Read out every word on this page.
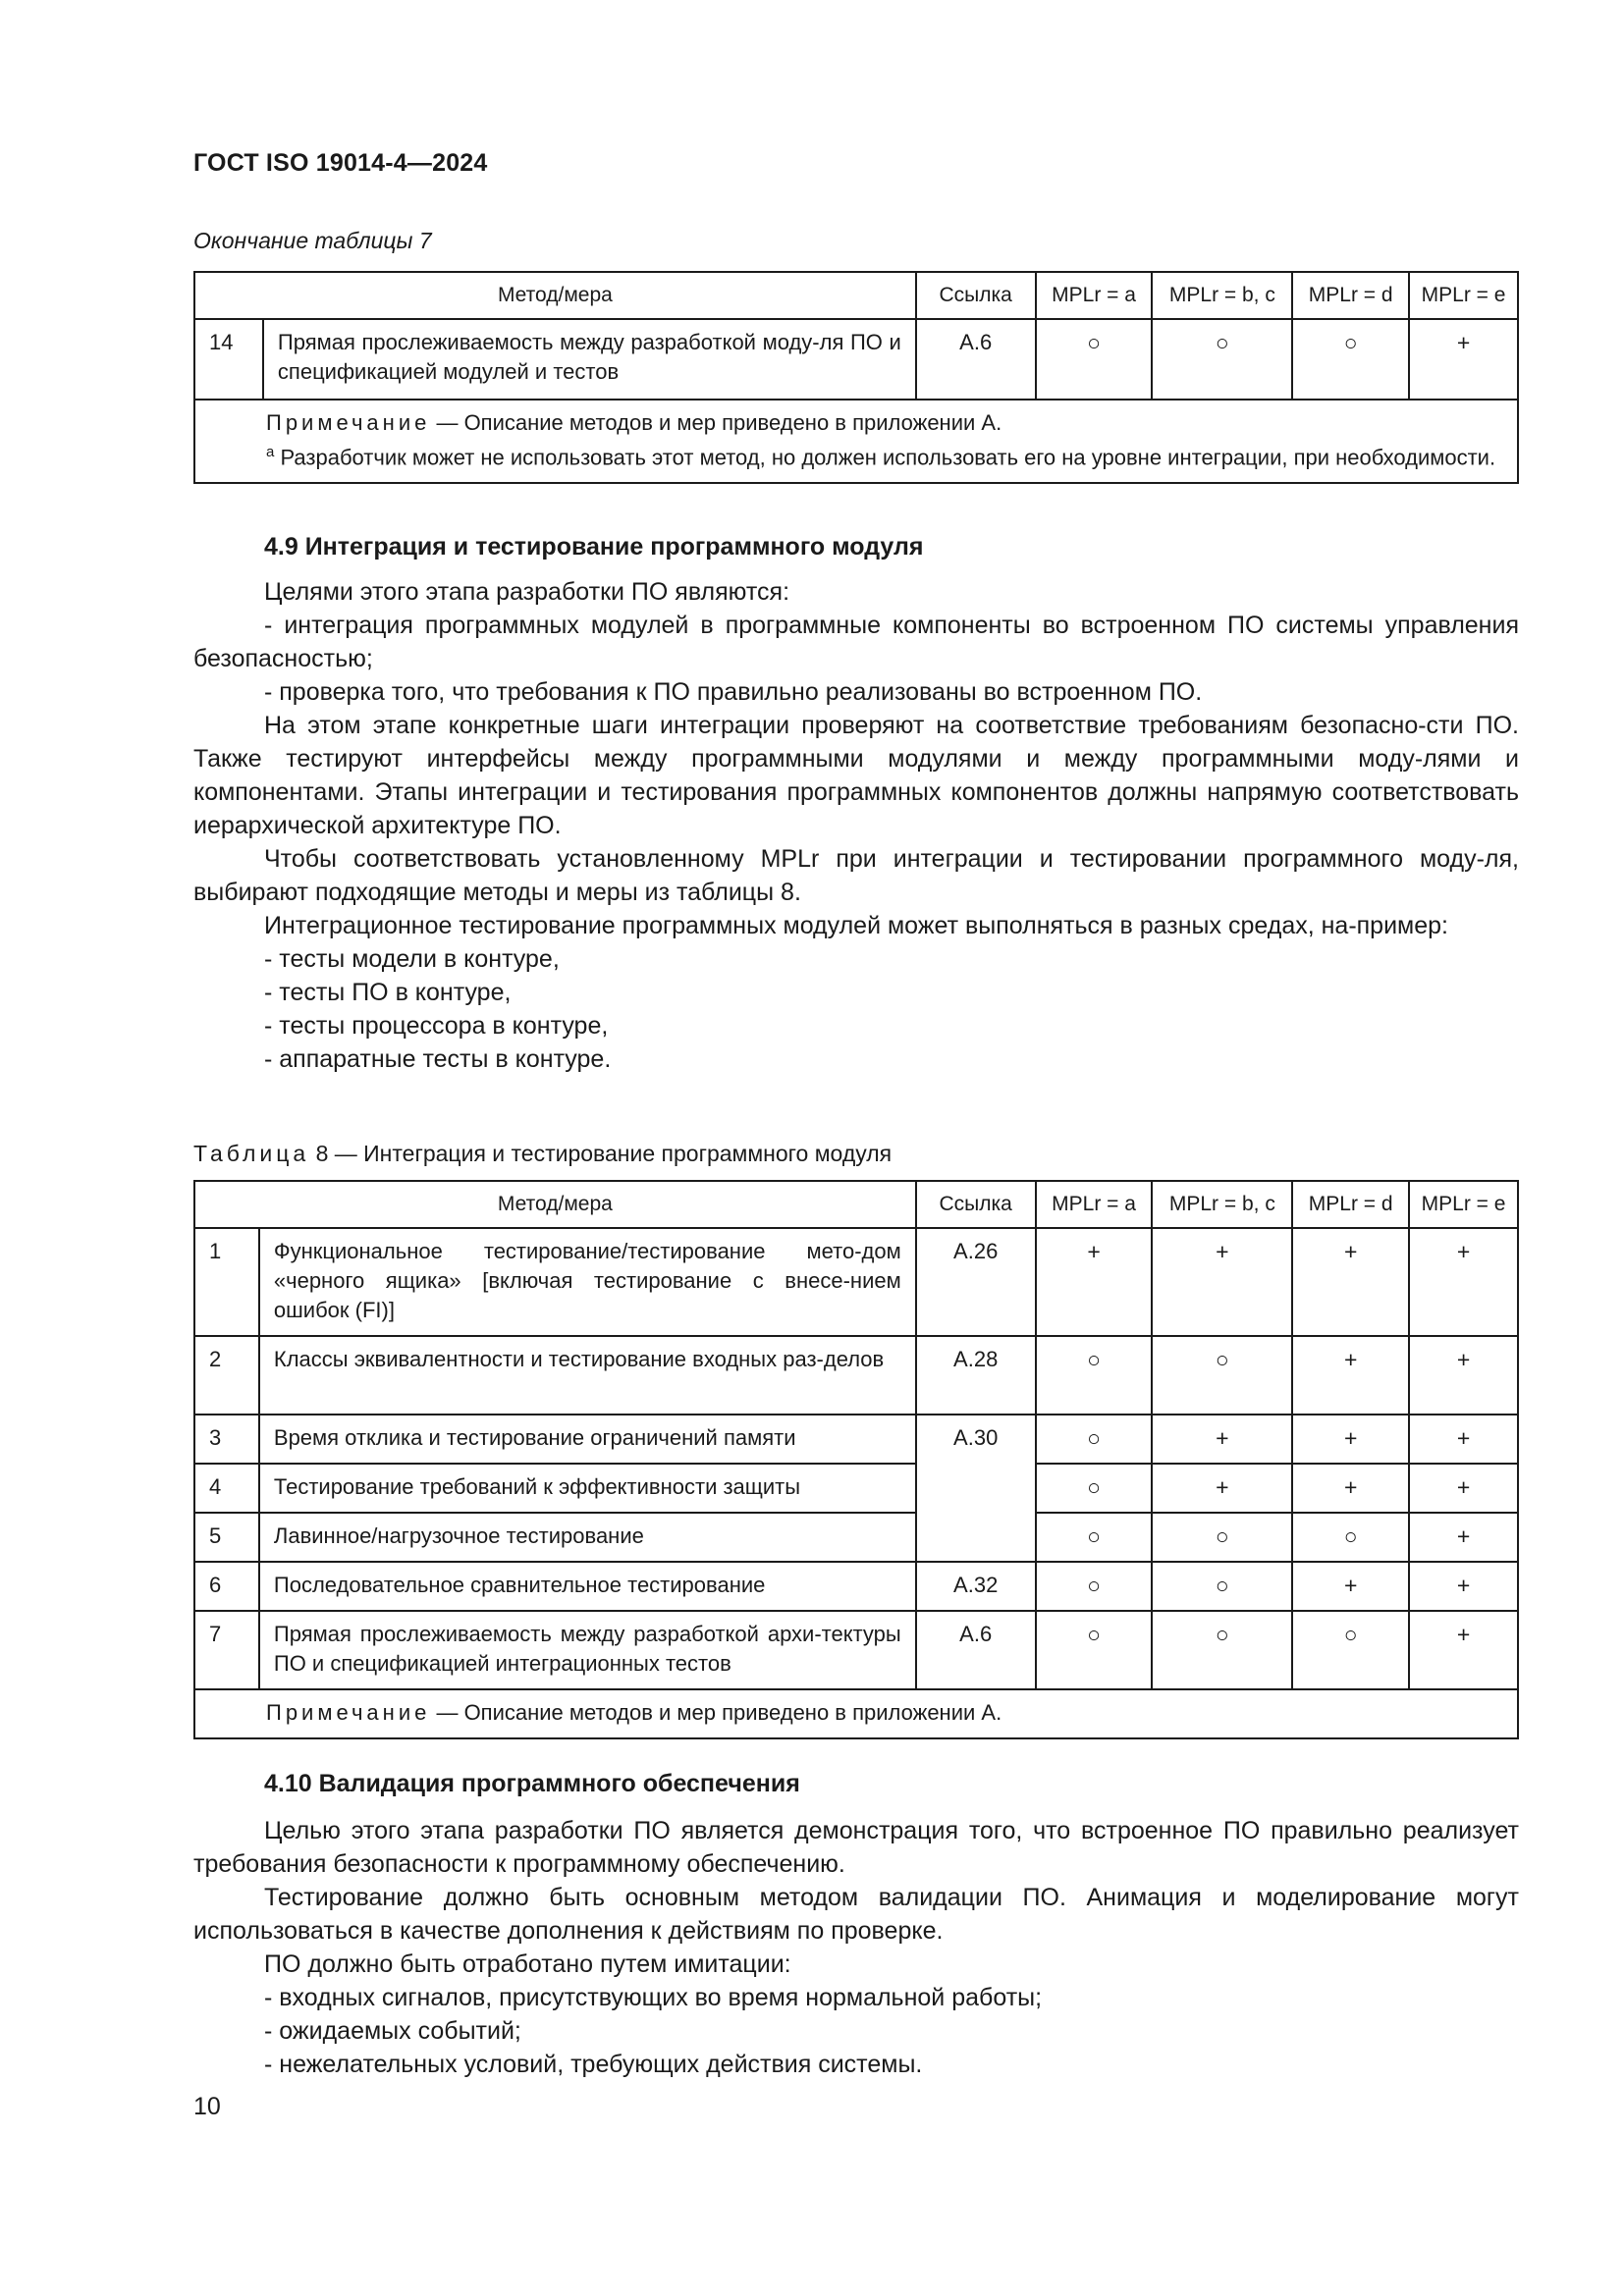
ГОСТ ISO 19014-4—2024
Окончание таблицы 7
Метод/мера		Ссылка	MPLr = a	MPLr = b, c	MPLr = d	MPLr = e
14	Прямая прослеживаемость между разработкой моду-ля ПО и спецификацией модулей и тестов	A.6	○	○	○	+

Примечание — Описание методов и мер приведено в приложении А.
$^a$ Разработчик может не использовать этот метод, но должен использовать его на уровне интеграции, при необходимости.						
4.9 Интеграция и тестирование программного модуля

Целями этого этапа разработки ПО являются:

- интеграция программных модулей в программные компоненты во встроенном ПО системы управления безопасностью;

- проверка того, что требования к ПО правильно реализованы во встроенном ПО.

На этом этапе конкретные шаги интеграции проверяют на соответствие требованиям безопасно-сти ПО. Также тестируют интерфейсы между программными модулями и между программными моду-лями и компонентами. Этапы интеграции и тестирования программных компонентов должны напрямую соответствовать иерархической архитектуре ПО.

Чтобы соответствовать установленному MPLr при интеграции и тестировании программного моду-ля, выбирают подходящие методы и меры из таблицы 8.

Интеграционное тестирование программных модулей может выполняться в разных средах, на-пример:

- тесты модели в контуре,

- тесты ПО в контуре,

- тесты процессора в контуре,

- аппаратные тесты в контуре.

Таблица 8 — Интеграция и тестирование программного модуля
Метод/мера		Ссылка	MPLr = a	MPLr = b, c	MPLr = d	MPLr = e
1	Функциональное тестирование/тестирование мето-дом «черного ящика» [включая тестирование с внесе-нием ошибок (FI)]	A.26	+	+	+	+
2	Классы эквивалентности и тестирование входных раз-делов	A.28	○	○	+	+
3	Время отклика и тестирование ограничений памяти	A.30	○	+	+	+
4	Тестирование требований к эффективности защиты		○	+	+	+
5	Лавинное/нагрузочное тестирование		○	○	○	+
6	Последовательное сравнительное тестирование	A.32	○	○	+	+
7	Прямая прослеживаемость между разработкой архи-тектуры ПО и спецификацией интеграционных тестов	A.6	○	○	○	+

Примечание — Описание методов и мер приведено в приложении А.						
4.10 Валидация программного обеспечения

Целью этого этапа разработки ПО является демонстрация того, что встроенное ПО правильно реализует требования безопасности к программному обеспечению.

Тестирование должно быть основным методом валидации ПО. Анимация и моделирование могут использоваться в качестве дополнения к действиям по проверке.

ПО должно быть отработано путем имитации:

- входных сигналов, присутствующих во время нормальной работы;

- ожидаемых событий;

- нежелательных условий, требующих действия системы.

10
